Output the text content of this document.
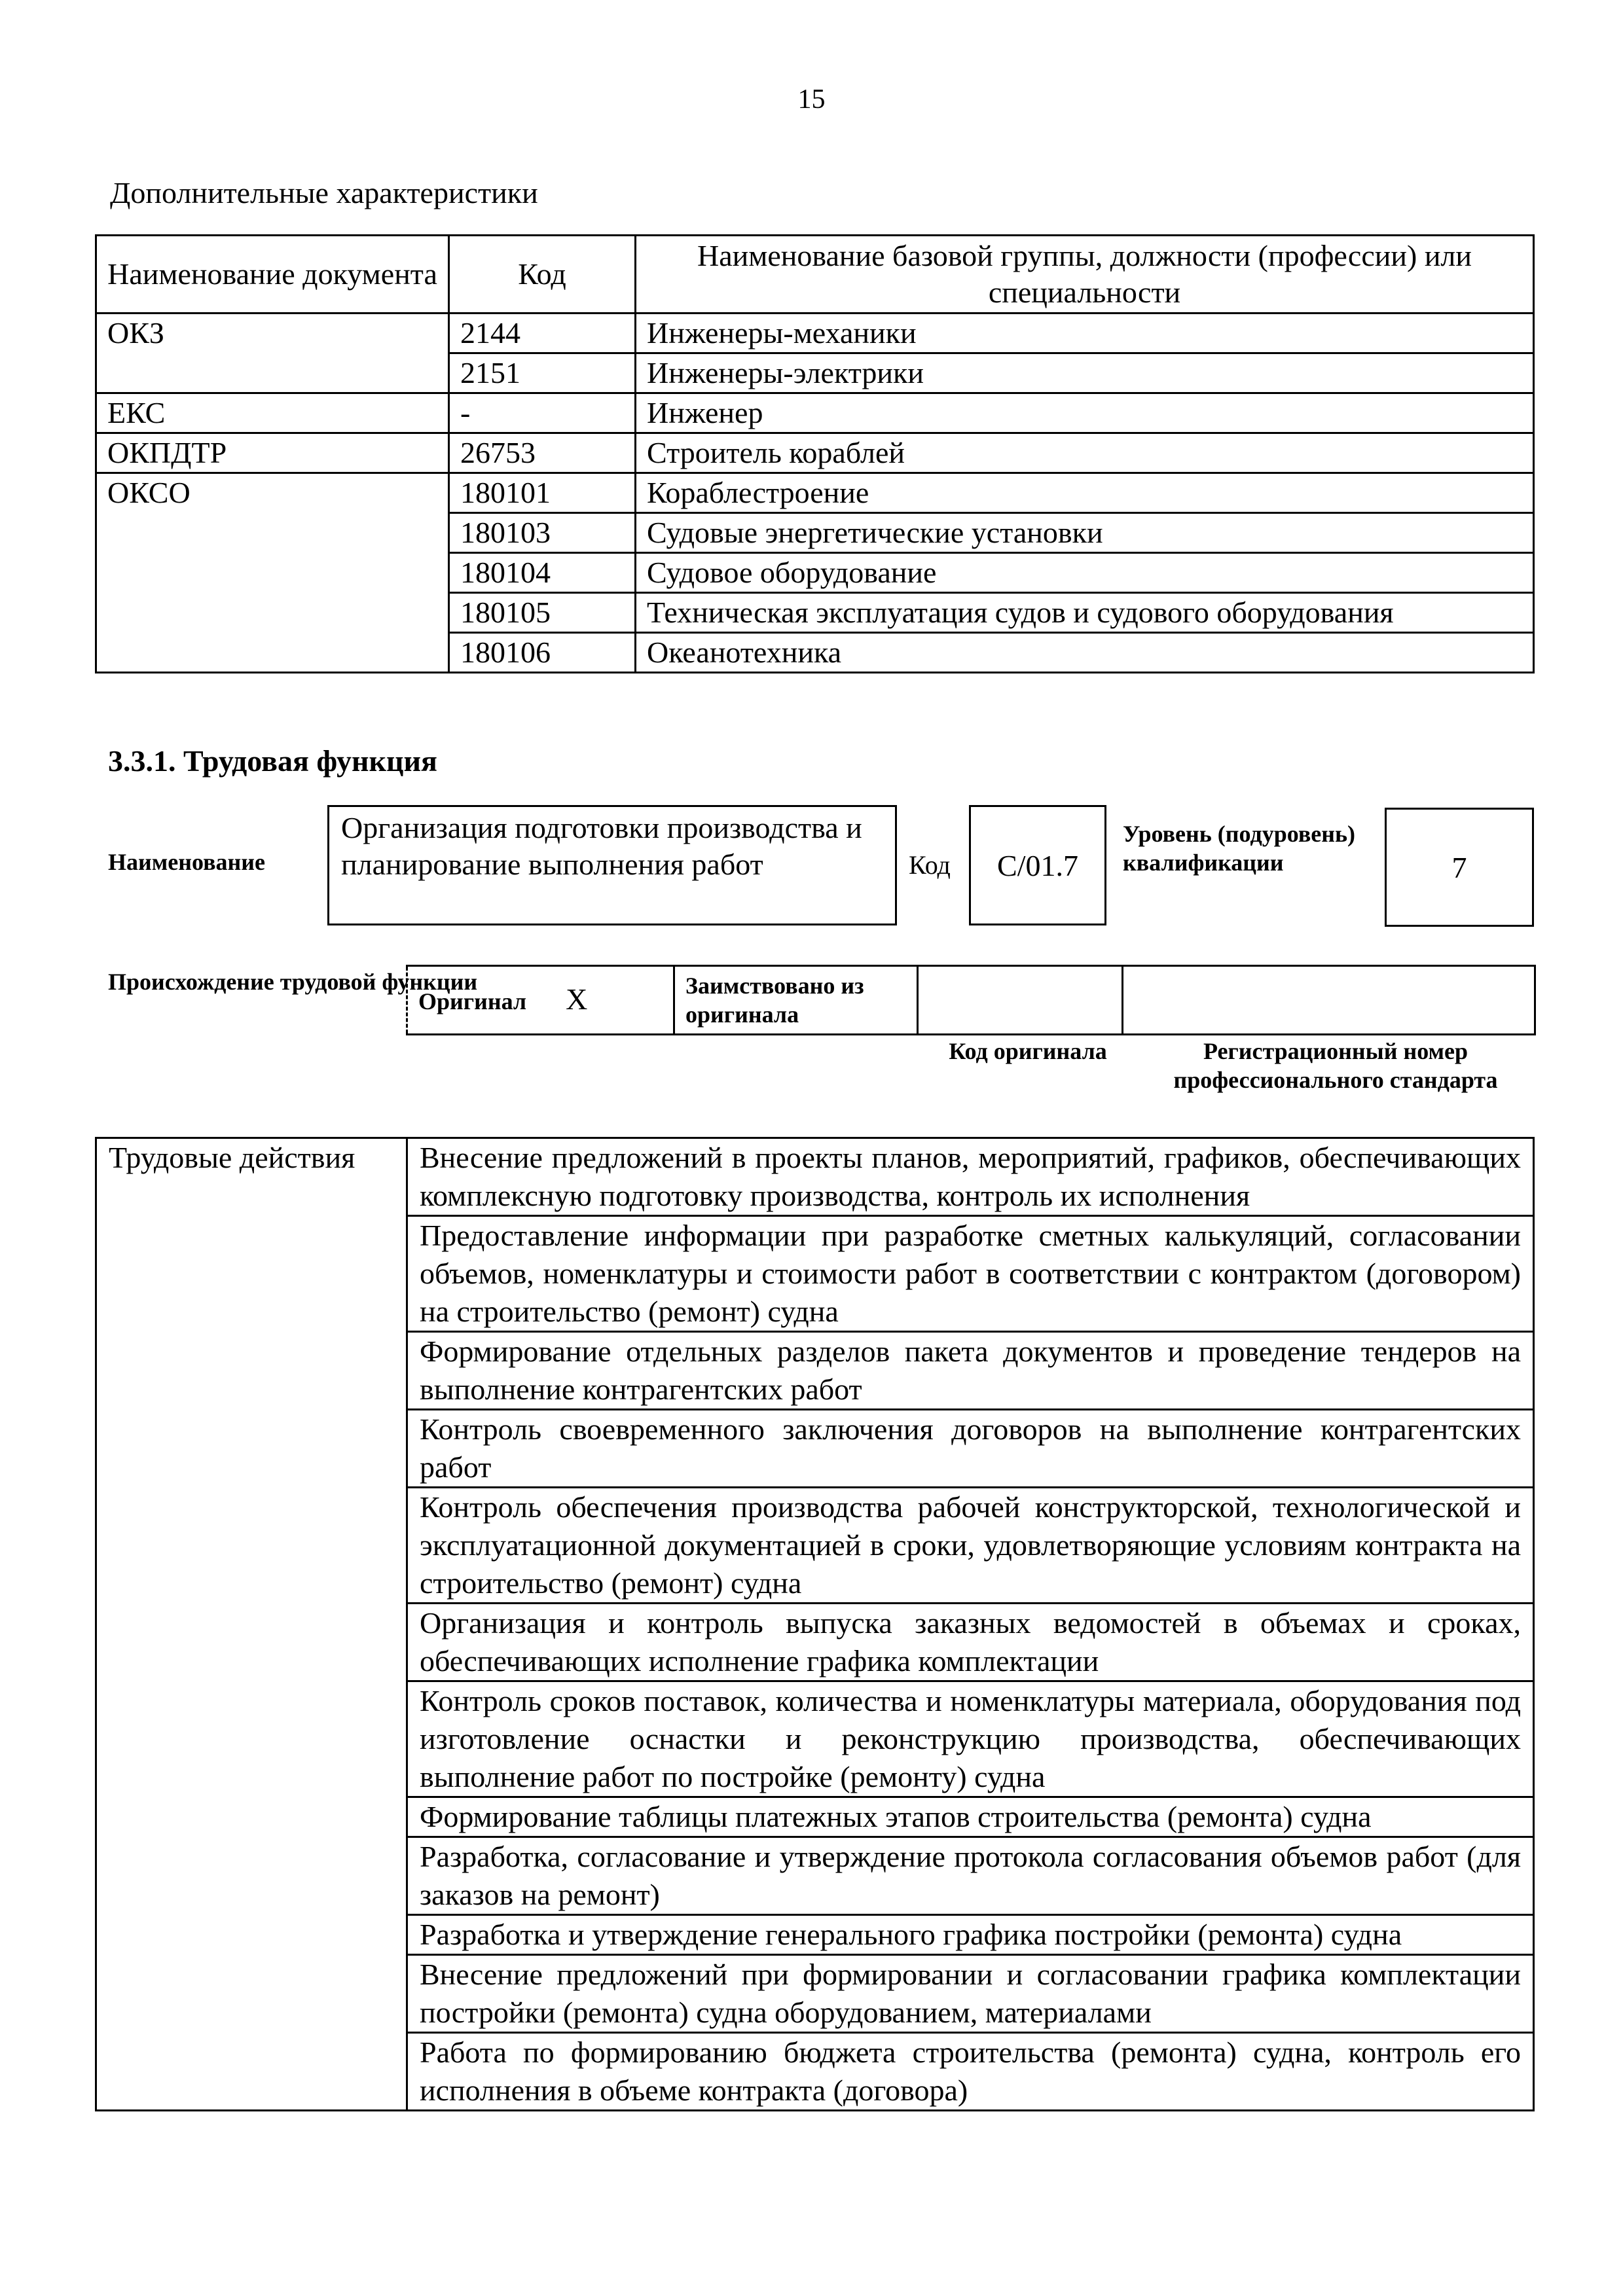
15
Дополнительные характеристики
Наименование документа	Код	Наименование базовой группы, должности (профессии) или специальности
ОКЗ	2144	Инженеры-механики
	2151	Инженеры-электрики
ЕКС	-	Инженер
ОКПДТР	26753	Строитель кораблей
ОКСО	180101	Кораблестроение
	180103	Судовые энергетические установки
	180104	Судовое оборудование
	180105	Техническая эксплуатация судов и судового оборудования
	180106	Океанотехника
3.3.1. Трудовая функция
Наименование
Организация подготовки производства и планирование выполнения работ	Код	С/01.7
Уровень (подуровень) квалификации	7
Происхождение трудовой функции
Оригинал X	Заимствовано из оригинала		
Код оригинала	Регистрационный номер профессионального стандарта
Трудовые действия	Внесение предложений в проекты планов, мероприятий, графиков, обеспечивающих комплексную подготовку производства, контроль их исполнения
Предоставление информации при разработке сметных калькуляций, согласовании объемов, номенклатуры и стоимости работ в соответствии с контрактом (договором) на строительство (ремонт) судна
Формирование отдельных разделов пакета документов и проведение тендеров на выполнение контрагентских работ
Контроль своевременного заключения договоров на выполнение контрагентских работ
Контроль обеспечения производства рабочей конструкторской, технологической и эксплуатационной документацией в сроки, удовлетворяющие условиям контракта на строительство (ремонт) судна
Организация и контроль выпуска заказных ведомостей в объемах и сроках, обеспечивающих исполнение графика комплектации
Контроль сроков поставок, количества и номенклатуры материала, оборудования под изготовление оснастки и реконструкцию производства, обеспечивающих выполнение работ по постройке (ремонту) судна
Формирование таблицы платежных этапов строительства (ремонта) судна
Разработка, согласование и утверждение протокола согласования объемов работ (для заказов на ремонт)
Разработка и утверждение генерального графика постройки (ремонта) судна
Внесение предложений при формировании и согласовании графика комплектации постройки (ремонта) судна оборудованием, материалами
Работа по формированию бюджета строительства (ремонта) судна, контроль его исполнения в объеме контракта (договора)
